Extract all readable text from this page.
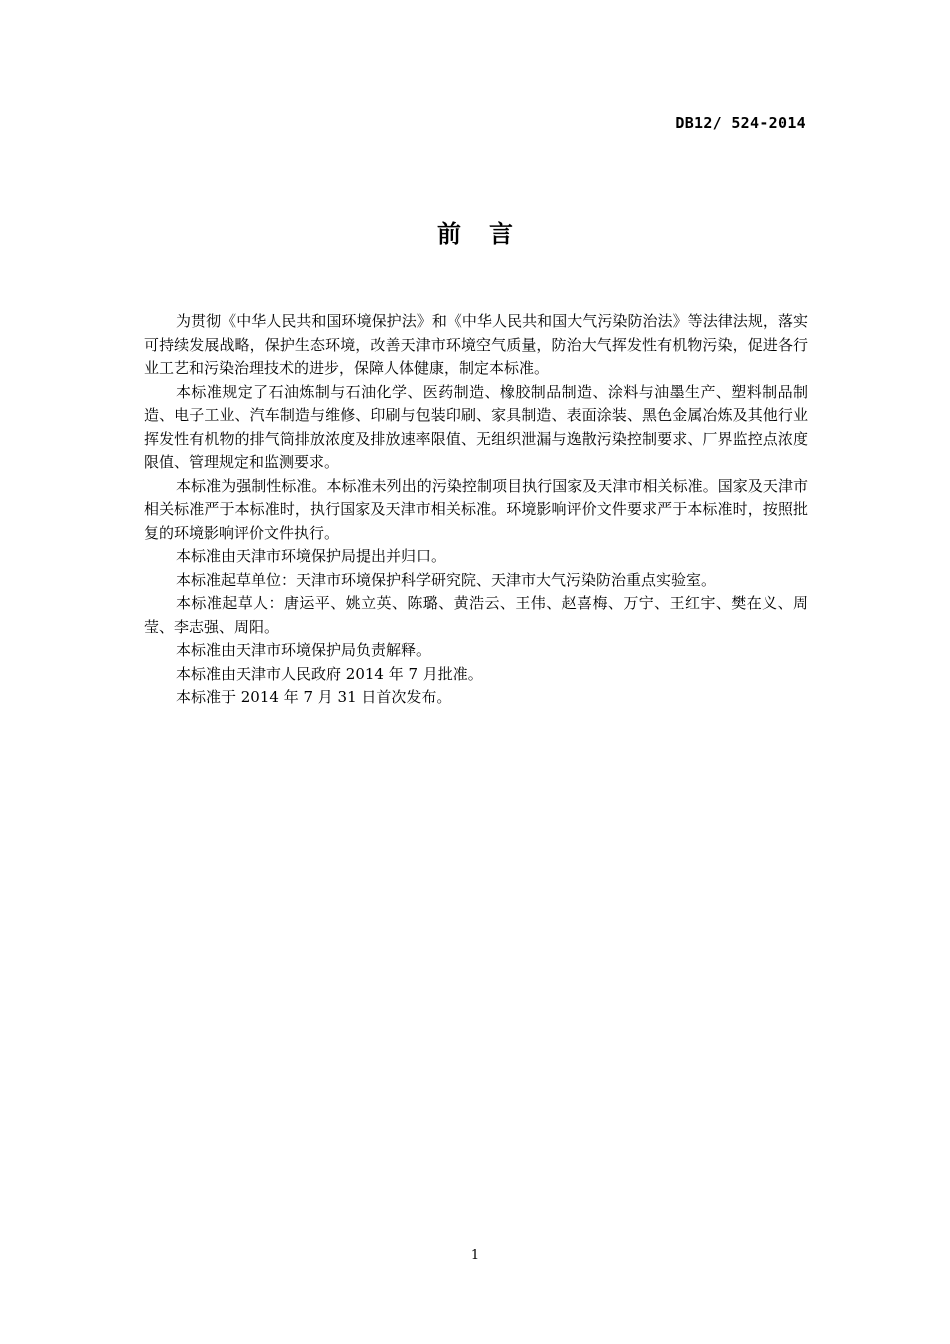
DB12/ 524-2014
前言

为贯彻《中华人民共和国环境保护法》和《中华人民共和国大气污染防治法》等法律法规，落实可持续发展战略，保护生态环境，改善天津市环境空气质量，防治大气挥发性有机物污染，促进各行业工艺和污染治理技术的进步，保障人体健康，制定本标准。

本标准规定了石油炼制与石油化学、医药制造、橡胶制品制造、涂料与油墨生产、塑料制品制造、电子工业、汽车制造与维修、印刷与包装印刷、家具制造、表面涂装、黑色金属冶炼及其他行业挥发性有机物的排气筒排放浓度及排放速率限值、无组织泄漏与逸散污染控制要求、厂界监控点浓度限值、管理规定和监测要求。

本标准为强制性标准。本标准未列出的污染控制项目执行国家及天津市相关标准。国家及天津市相关标准严于本标准时，执行国家及天津市相关标准。环境影响评价文件要求严于本标准时，按照批复的环境影响评价文件执行。

本标准由天津市环境保护局提出并归口。

本标准起草单位：天津市环境保护科学研究院、天津市大气污染防治重点实验室。

本标准起草人：唐运平、姚立英、陈璐、黄浩云、王伟、赵喜梅、万宁、王红宇、樊在义、周莹、李志强、周阳。

本标准由天津市环境保护局负责解释。

本标准由天津市人民政府 2014 年 7 月批准。

本标准于 2014 年 7 月 31 日首次发布。

1
